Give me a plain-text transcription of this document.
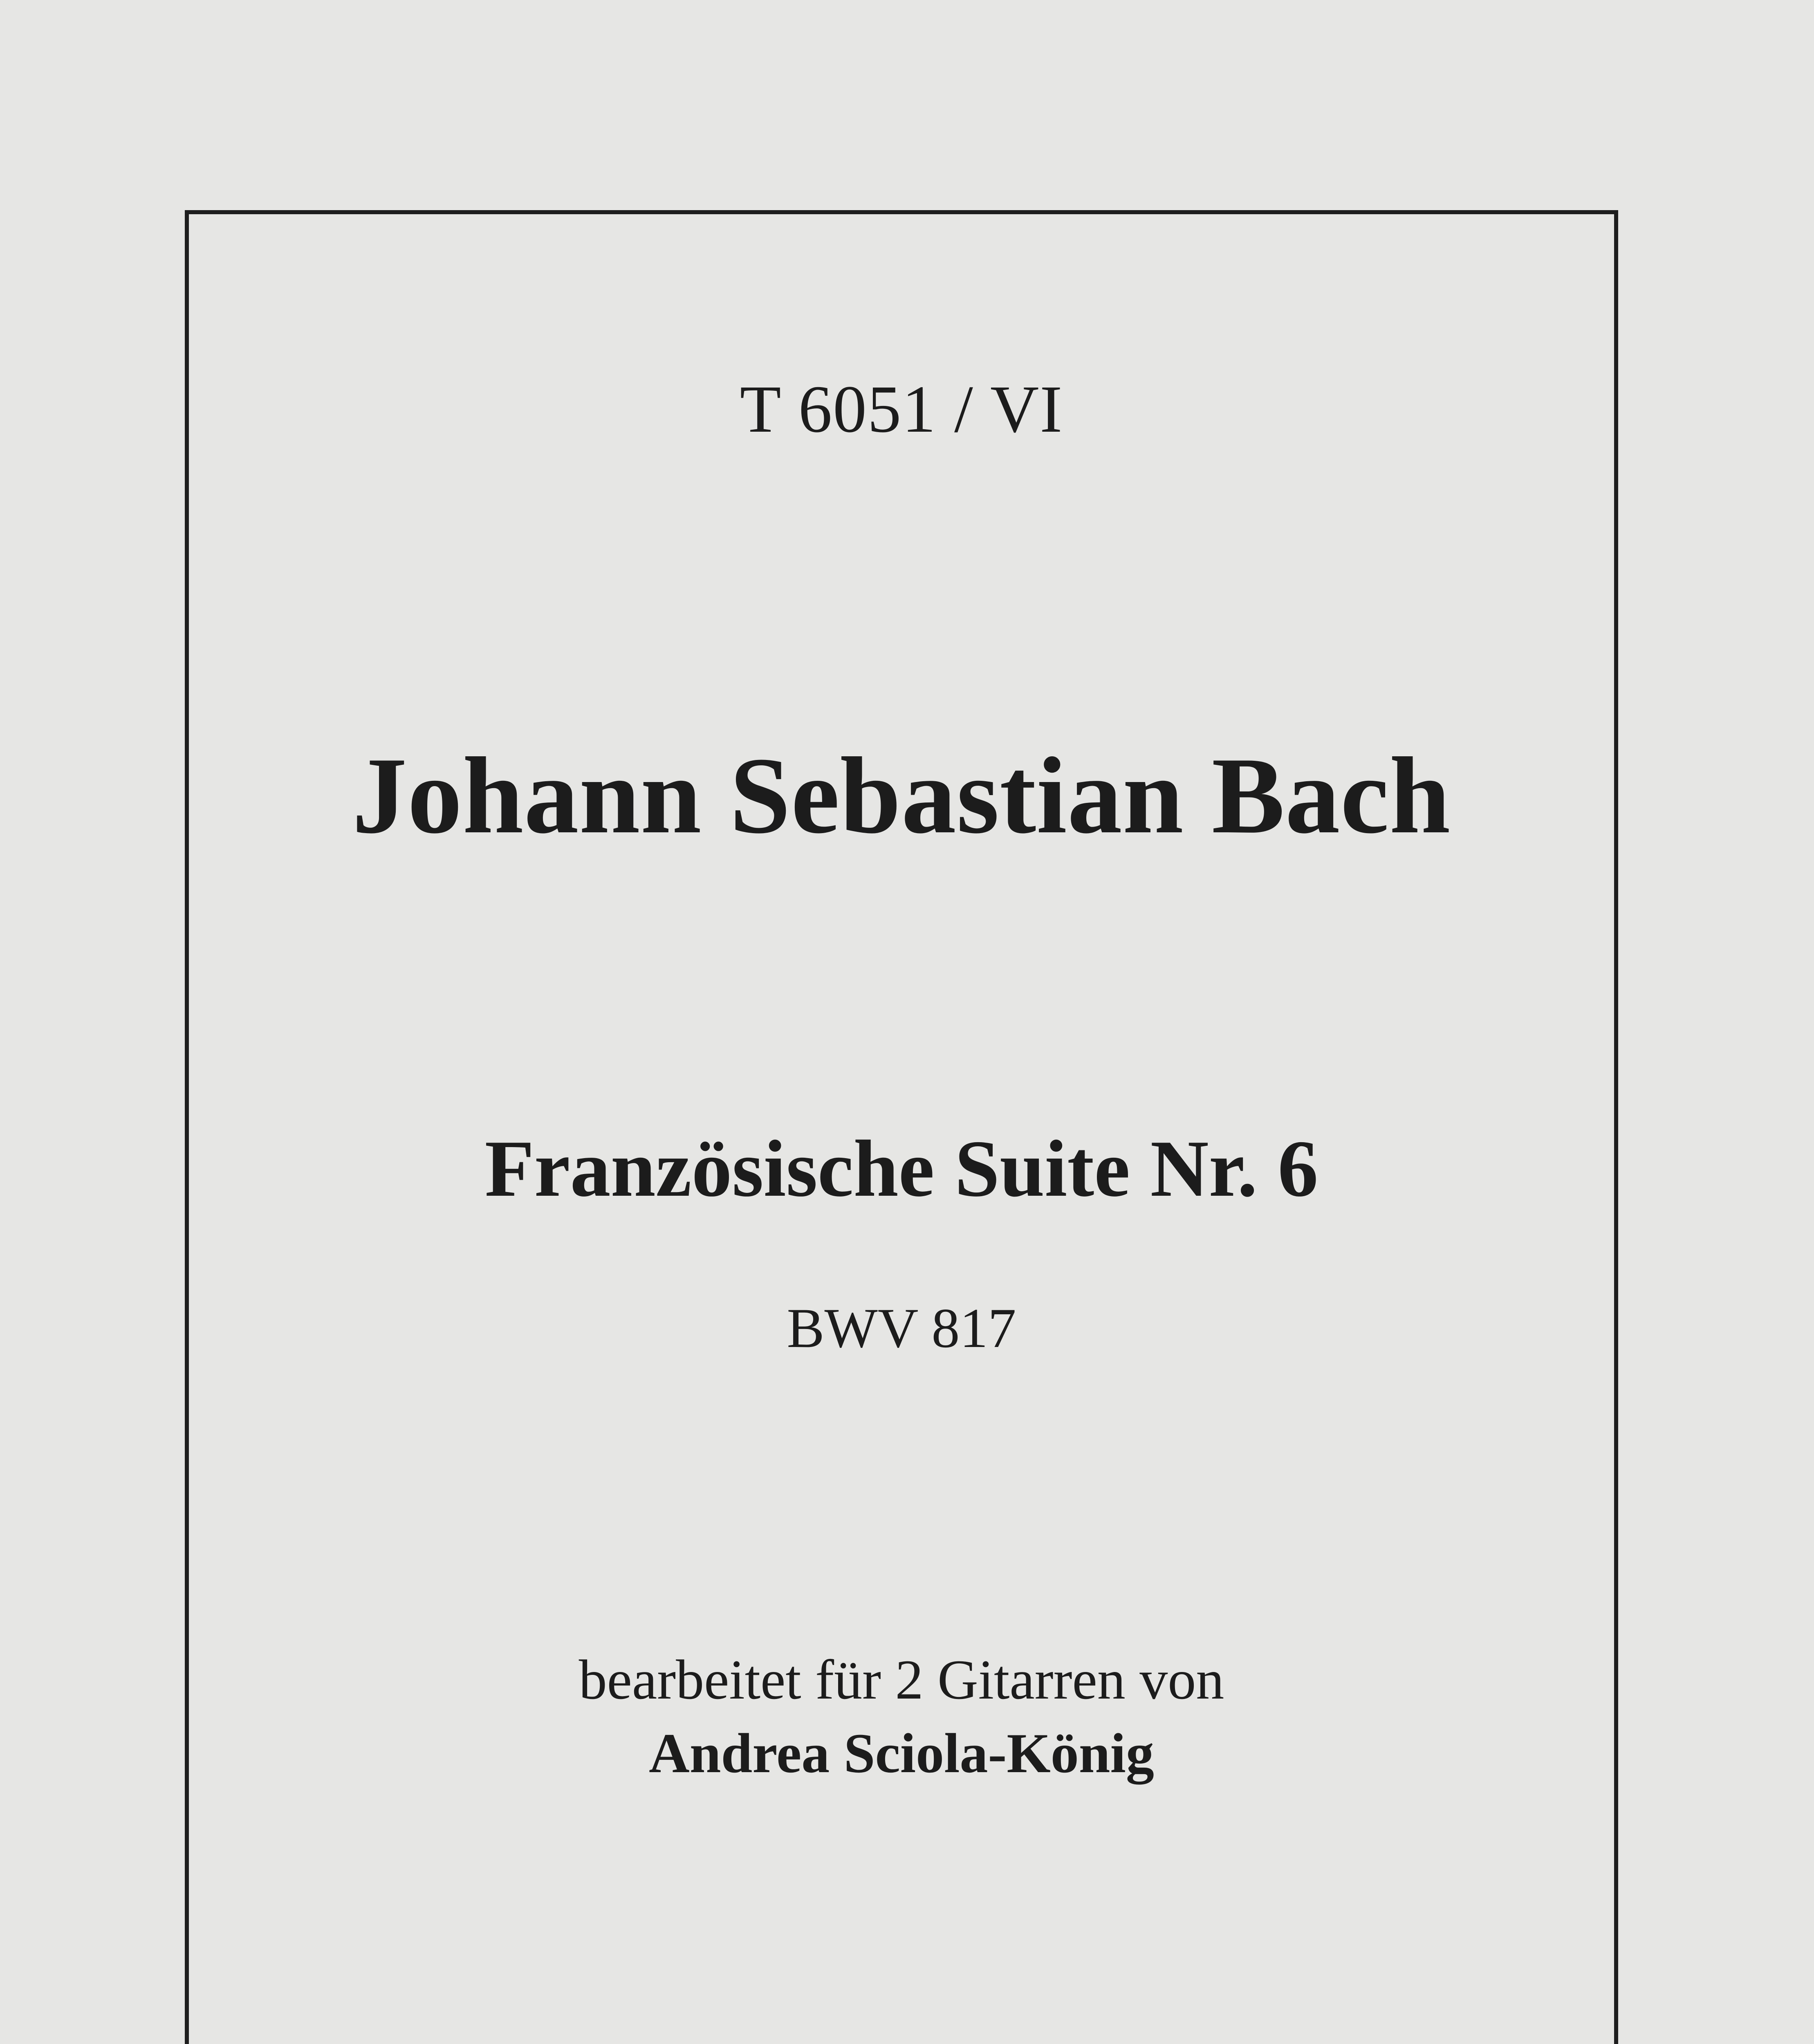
T 6051 / VI
Johann Sebastian Bach
Französische Suite Nr. 6
BWV 817
bearbeitet für 2 Gitarren von
Andrea Sciola-König
